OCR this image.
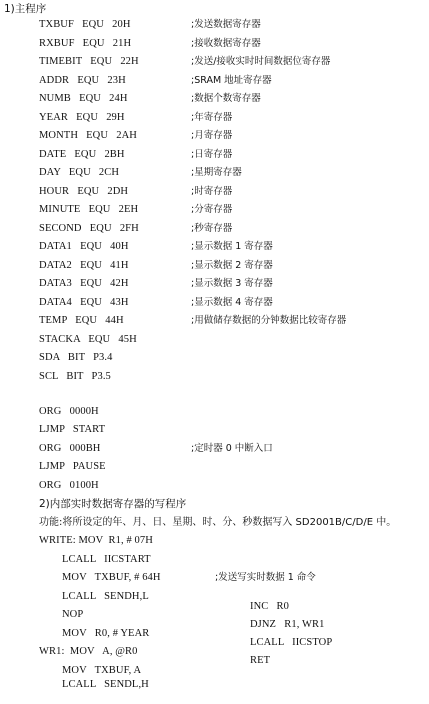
1)主程序
TXBUF   EQU   20H	;发送数据寄存器
RXBUF   EQU   21H	;接收数据寄存器
TIMEBIT   EQU   22H	;发送/接收实时时间数据位寄存器
ADDR   EQU   23H	;SRAM 地址寄存器
NUMB   EQU   24H	;数据个数寄存器
YEAR   EQU   29H	;年寄存器
MONTH   EQU   2AH	;月寄存器
DATE   EQU   2BH	;日寄存器
DAY   EQU   2CH	;星期寄存器
HOUR   EQU   2DH	;时寄存器
MINUTE   EQU   2EH	;分寄存器
SECOND   EQU   2FH	;秒寄存器
DATA1   EQU   40H	;显示数据 1 寄存器
DATA2   EQU   41H	;显示数据 2 寄存器
DATA3   EQU   42H	;显示数据 3 寄存器
DATA4   EQU   43H	;显示数据 4 寄存器
TEMP   EQU   44H	;用做储存数据的分钟数据比较寄存器
STACKA   EQU   45H
SDA   BIT   P3.4
SCL   BIT   P3.5
ORG   0000H
LJMP   START
ORG   000BH	;定时器 0 中断入口
LJMP   PAUSE
ORG   0100H
2)内部实时数据寄存器的写程序
功能:将所设定的年、月、日、星期、时、分、秒数据写入 SD2001B/C/D/E 中。
WRITE: MOV  R1, # 07H
LCALL   IICSTART
MOV   TXBUF, # 64H	;发送写实时数据 1 命令
LCALL   SENDH,L
NOP
MOV   R0, # YEAR
WR1:  MOV   A, @R0
MOV   TXBUF, A
LCALL   SENDL,H
INC   R0
DJNZ   R1, WR1
LCALL   IICSTOP
RET
